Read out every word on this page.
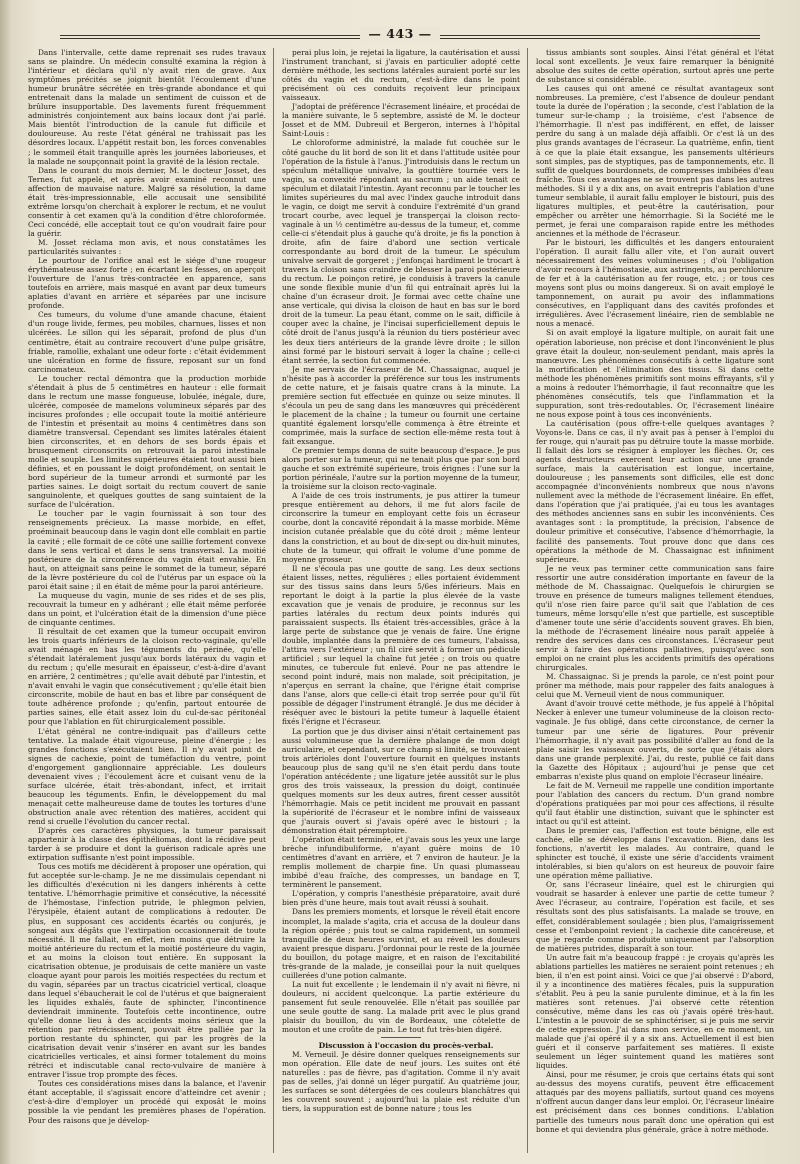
— 443 —

Dans l'intervalle, cette dame reprenait ses rudes travaux sans se plaindre. Un médecin consulté examina la région à l'intérieur et déclara qu'il n'y avait rien de grave. Aux symptômes précités se joignit bientôt l'écoulement d'une humeur brunâtre sécrétée en très-grande abondance et qui entretenait dans la malade un sentiment de cuisson et de brûlure insupportable. Des lavements furent fréquemment administrés conjointement aux bains locaux dont j'ai parlé. Mais bientôt l'introduction de la canule fut difficile et douloureuse. Au reste l'état général ne trahissait pas les désordres locaux. L'appétit restait bon, les forces convenables ; le sommeil était tranquille après les journées laborieuses, et la malade ne soupçonnait point la gravité de la lésion rectale.

Dans le courant du mois dernier, M. le docteur Josset, des Ternes, fut appelé, et après avoir examiné reconnut une affection de mauvaise nature. Malgré sa résolution, la dame était très-impressionnable, elle accusait une sensibilité extrême lorsqu'on cherchait à explorer le rectum, et ne voulut consentir à cet examen qu'à la condition d'être chloroformée. Ceci concédé, elle acceptait tout ce qu'on voudrait faire pour la guérir.

M. Josset réclama mon avis, et nous constatâmes les particularités suivantes :

Le pourtour de l'orifice anal est le siége d'une rougeur érythémateuse assez forte ; en écartant les fesses, on aperçoit l'ouverture de l'anus très-contractée en apparence, sans toutefois en arrière, mais masqué en avant par deux tumeurs aplaties d'avant en arrière et séparées par une incisure profonde.

Ces tumeurs, du volume d'une amande chacune, étaient d'un rouge livide, fermes, peu mobiles, charnues, lisses et non ulcérées. Le sillon qui les séparait, profond de plus d'un centimètre, était au contraire recouvert d'une pulpe grisâtre, friable, ramollie, exhalant une odeur forte : c'était évidemment une ulcération en forme de fissure, reposant sur un fond carcinomateux.

Le toucher rectal démontra que la production morbide s'étendait à plus de 5 centimètres en hauteur : elle formait dans le rectum une masse fongueuse, lobulée, inégale, dure, ulcérée, composée de mamelons volumineux séparés par des incisures profondes ; elle occupait toute la moitié antérieure de l'intestin et présentait au moins 4 centimètres dans son diamètre transversal. Cependant ses limites latérales étaient bien circonscrites, et en dehors de ses bords épais et brusquement circonscrits on retrouvait la paroi intestinale molle et souple. Les limites supérieures étaient tout aussi bien définies, et en poussant le doigt profondément, on sentait le bord supérieur de la tumeur arrondi et surmonté par les parties saines. Le doigt sortait du rectum couvert de sanie sanguinolente, et quelques gouttes de sang suintaient de la surface de l'ulcération.

Le toucher par le vagin fournissait à son tour des renseignements précieux. La masse morbide, en effet, proéminait beaucoup dans le vagin dont elle comblait en partie la cavité ; elle formait de ce côté une saillie fortement convexe dans le sens vertical et dans le sens transversal. La moitié postérieure de la circonférence du vagin était envahie. En haut, on atteignait sans peine le sommet de la tumeur, séparé de la lèvre postérieure du col de l'utérus par un espace où la paroi était saine ; il en était de même pour la paroi antérieure.

La muqueuse du vagin, munie de ses rides et de ses plis, recouvrait la tumeur en y adhérant ; elle était même perforée dans un point, et l'ulcération était de la dimension d'une pièce de cinquante centimes.

Il résultait de cet examen que la tumeur occupait environ les trois quarts inférieurs de la cloison recto-vaginale, qu'elle avait ménagé en bas les téguments du périnée, qu'elle s'étendait latéralement jusqu'aux bords latéraux du vagin et du rectum ; qu'elle mesurait en épaisseur, c'est-à-dire d'avant en arrière, 2 centimètres ; qu'elle avait débuté par l'intestin, et n'avait envahi le vagin que consécutivement ; qu'elle était bien circonscrite, mobile de haut en bas et libre par conséquent de toute adhérence profonde ; qu'enfin, partout entourée de parties saines, elle était assez loin du cul-de-sac péritonéal pour que l'ablation en fût chirurgicalement possible.

L'état général ne contre-indiquait pas d'ailleurs cette tentative. La malade était vigoureuse, pleine d'énergie ; les grandes fonctions s'exécutaient bien. Il n'y avait point de signes de cachexie, point de tuméfaction du ventre, point d'engorgement ganglionnaire appréciable. Les douleurs devenaient vives ; l'écoulement âcre et cuisant venu de la surface ulcérée, était très-abondant, infect, et irritait beaucoup les téguments. Enfin, le développement du mal menaçait cette malheureuse dame de toutes les tortures d'une obstruction anale avec rétention des matières, accident qui rend si cruelle l'évolution du cancer rectal.

D'après ces caractères physiques, la tumeur paraissait appartenir à la classe des épithéliomas, dont la récidive peut tarder à se produire et dont la guérison radicale après une extirpation suffisante n'est point impossible.

Tous ces motifs me décidèrent à proposer une opération, qui fut acceptée sur-le-champ. Je ne me dissimulais cependant ni les difficultés d'exécution ni les dangers inhérents à cette tentative. L'hémorrhagie primitive et consécutive, la nécessité de l'hémostase, l'infection putride, le phlegmon pelvien, l'érysipèle, étaient autant de complications à redouter. De plus, en supposant ces accidents écartés ou conjurés, je songeai aux dégâts que l'extirpation occasionnerait de toute nécessité. Il me fallait, en effet, rien moins que détruire la moitié antérieure du rectum et la moitié postérieure du vagin, et au moins la cloison tout entière. En supposant la cicatrisation obtenue, je produisais de cette manière un vaste cloaque ayant pour parois les moitiés respectées du rectum et du vagin, séparées par un tractus cicatriciel vertical, cloaque dans lequel s'ébaucherait le col de l'utérus et que baigneraient les liquides exhalés, faute de sphincter, l'incontinence deviendrait imminente. Toutefois cette incontinence, outre qu'elle donne lieu à des accidents moins sérieux que la rétention par rétrécissement, pouvait être palliée par la portion restante du sphincter, qui par les progrès de la cicatrisation devait venir s'insérer en avant sur les bandes cicatricielles verticales, et ainsi former totalement du moins rétréci et indiscutable canal recto-vulvaire de manière à entraver l'issue trop prompte des fèces.

Toutes ces considérations mises dans la balance, et l'avenir étant acceptable, il s'agissait encore d'atteindre cet avenir ; c'est-à-dire d'employer un procédé qui exposât le moins possible la vie pendant les premières phases de l'opération. Pour des raisons que je dévelop-

perai plus loin, je rejetai la ligature, la cautérisation et aussi l'instrument tranchant, si j'avais en particulier adopté cette dernière méthode, les sections latérales auraient porté sur les côtés du vagin et du rectum, c'est-à-dire dans le point précisément où ces conduits reçoivent leur principaux vaisseaux.

J'adoptai de préférence l'écrasement linéaire, et procédai de la manière suivante, le 5 septembre, assisté de M. le docteur Josset et de MM. Dubreuil et Bergeron, internes à l'hôpital Saint-Louis :

Le chloroforme administré, la malade fut couchée sur le côté gauche du lit bord de son lit et dans l'attitude usitée pour l'opération de la fistule à l'anus. J'introduisis dans le rectum un spéculum métallique univalve, la gouttière tournée vers le vagin, sa convexité répondant au sacrum ; un aide tenait ce spéculum et dilatait l'intestin. Ayant reconnu par le toucher les limites supérieures du mal avec l'index gauche introduit dans le vagin, ce doigt me servit à conduire l'extrémité d'un grand trocart courbe, avec lequel je transperçai la cloison recto-vaginale à un ½ centimètre au-dessus de la tumeur, et, comme celle-ci s'étendait plus à gauche qu'à droite, je fis la ponction à droite, afin de faire d'abord une section verticale correspondante au bord droit de la tumeur. Le spéculum univalve servait de gorgeret ; j'enfonçai hardiment le trocart à travers la cloison sans craindre de blesser la paroi postérieure du rectum. Le poinçon retiré, je conduisis à travers la canule une sonde flexible munie d'un fil qui entraînait après lui la chaîne d'un écraseur droit. Je formai avec cette chaîne une anse verticale, qui divisa la cloison de haut en bas sur le bord droit de la tumeur. La peau étant, comme on le sait, difficile à couper avec la chaîne, je l'incisai superficiellement depuis le côté droit de l'anus jusqu'à la réunion du tiers postérieur avec les deux tiers antérieurs de la grande lèvre droite ; le sillon ainsi formé par le bistouri servait à loger la chaîne ; celle-ci étant serrée, la section fut commencée.

Je me servais de l'écraseur de M. Chassaignac, auquel je n'hésite pas à accorder la préférence sur tous les instruments de cette nature, et je faisais quatre crans à la minute. La première section fut effectuée en quinze ou seize minutes. Il s'écoula un peu de sang dans les manœuvres qui précédèrent le placement de la chaîne ; la tumeur ou fournit une certaine quantité également lorsqu'elle commença à être étreinte et comprimée, mais la surface de section elle-même resta tout à fait exsangue.

Ce premier temps donna de suite beaucoup d'espace. Je pus alors porter sur la tumeur, qui ne tenait plus que par son bord gauche et son extrémité supérieure, trois érignes : l'une sur la portion périnéale, l'autre sur la portion moyenne de la tumeur, la troisième sur la cloison recto-vaginale.

A l'aide de ces trois instruments, je pus attirer la tumeur presque entièrement au dehors, il me fut alors facile de circonscrire la tumeur en employant cette fois un écraseur courbe, dont la concavité répondait à la masse morbide. Même incision cutanée préalable que du côté droit ; même lenteur dans la constriction, et au bout de dix-sept ou dix-huit minutes, chute de la tumeur, qui offrait le volume d'une pomme de moyenne grosseur.

Il ne s'écoula pas une goutte de sang. Les deux sections étaient lisses, nettes, régulières ; elles portaient évidemment sur des tissus sains dans leurs 5/6es inférieurs. Mais en reportant le doigt à la partie la plus élevée de la vaste excavation que je venais de produire, je reconnus sur les parties latérales du rectum deux points indurés qui paraissaient suspects. Ils étaient très-accessibles, grâce à la large perte de substance que je venais de faire. Une érigne double, implantée dans la première de ces tumeurs, l'abaissa, l'attira vers l'extérieur ; un fil ciré servit à former un pédicule artificiel ; sur lequel la chaîne fut jetée ; on trois ou quatre minutes, ce tubercule fut enlevé. Pour ne pas attendre le second point induré, mais non malade, soit précipitation, je n'aperçus en serrant la chaîne, que l'érigne était comprise dans l'anse, alors que celle-ci était trop serrée pour qu'il fût possible de dégager l'instrument étranglé. Je dus me décider à réséquer avec le bistouri la petite tumeur à laquelle étaient fixés l'érigne et l'écraseur.

La portion que je dus diviser ainsi n'était certainement pas aussi volumineuse que la dernière phalange de mon doigt auriculaire, et cependant, sur ce champ si limité, se trouvaient trois artérioles dont l'ouverture fournit en quelques instants beaucoup plus de sang qu'il ne s'en était perdu dans toute l'opération antécédente ; une ligature jetée aussitôt sur le plus gros des trois vaisseaux, la pression du doigt, continuée quelques moments sur les deux autres, firent cesser aussitôt l'hémorrhagie. Mais ce petit incident me prouvait en passant la supériorité de l'écraseur et le nombre infini de vaisseaux que j'aurais ouvert si j'avais opéré avec le bistouri ; la démonstration était péremptoire.

L'opération était terminée, et j'avais sous les yeux une large brèche infundibuliforme, n'ayant guère moins de 10 centimètres d'avant en arrière, et 7 environ de hauteur. Je la remplis mollement de charpie fine. Un quasi plumasseau imbibé d'eau fraîche, des compresses, un bandage en T, terminèrent le pansement.

L'opération, y compris l'anesthésie préparatoire, avait duré bien près d'une heure, mais tout avait réussi à souhait.

Dans les premiers moments, et lorsque le réveil était encore incomplet, la malade s'agita, cria et accusa de la douleur dans la région opérée ; puis tout se calma rapidement, un sommeil tranquille de deux heures survint, et au réveil les douleurs avaient presque disparu. J'ordonnai pour le reste de la journée du bouillon, du potage maigre, et en raison de l'excitabilité très-grande de la malade, je conseillai pour la nuit quelques cuillerées d'une potion calmante.

La nuit fut excellente ; le lendemain il n'y avait ni fièvre, ni douleurs, ni accident quelconque. La partie extérieure du pansement fut seule renouvelée. Elle n'était pas souillée par une seule goutte de sang. La malade prit avec le plus grand plaisir du bouillon, du vin de Bordeaux, une côtelette de mouton et une croûte de pain. Le tout fut très-bien digéré.

Discussion à l'occasion du procès-verbal.

M. Verneuil. Je désire donner quelques renseignements sur mon opération. Elle date de neuf jours. Les suites ont été naturelles : pas de fièvre, pas d'agitation. Comme il n'y avait pas de selles, j'ai donné un léger purgatif. Au quatrième jour, les surfaces se sont détergées de ces couleurs blanchâtres qui les couvrent souvent ; aujourd'hui la plaie est réduite d'un tiers, la suppuration est de bonne nature ; tous les

tissus ambiants sont souples. Ainsi l'état général et l'état local sont excellents. Je veux faire remarquer la bénignité absolue des suites de cette opération, surtout après une perte de substance si considérable.

Les causes qui ont amené ce résultat avantageux sont nombreuses. La première, c'est l'absence de douleur pendant toute la durée de l'opération ; la seconde, c'est l'ablation de la tumeur sur-le-champ ; la troisième, c'est l'absence de l'hémorrhagie. Il n'est pas indifférent, en effet, de laisser perdre du sang à un malade déjà affaibli. Or c'est là un des plus grands avantages de l'écraseur. La quatrième, enfin, tient à ce que la plaie était exsangue, les pansements ultérieurs sont simples, pas de styptiques, pas de tamponnements, etc. Il suffit de quelques bourdonnets, de compresses imbibées d'eau fraîche. Tous ces avantages ne se trouvent pas dans les autres méthodes. Si il y a dix ans, on avait entrepris l'ablation d'une tumeur semblable, il aurait fallu employer le bistouri, puis des ligatures multiples, et peut-être la cautérisation, pour empêcher ou arrêter une hémorrhagie. Si la Société me le permet, je ferai une comparaison rapide entre les méthodes anciennes et la méthode de l'écraseur.

Par le bistouri, les difficultés et les dangers entouraient l'opération. Il aurait fallu aller vite, et l'on aurait ouvert nécessairement des veines volumineuses ; d'où l'obligation d'avoir recours à l'hémostasie, aux astringents, au perchlorure de fer et à la cautérisation au fer rouge, etc. ; or tous ces moyens sont plus ou moins dangereux. Si on avait employé le tamponnement, on aurait pu avoir des inflammations consécutives, en l'appliquant dans des cavités profondes et irrégulières. Avec l'écrasement linéaire, rien de semblable ne nous a menacé.

Si on avait employé la ligature multiple, on aurait fait une opération laborieuse, non précise et dont l'inconvénient le plus grave était la douleur, non-seulement pendant, mais après la manœuvre. Les phénomènes consécutifs à cette ligature sont la mortification et l'élimination des tissus. Si dans cette méthode les phénomènes primitifs sont moins effrayants, s'il y a moins à redouter l'hémorrhagie, il faut reconnaître que les phénomènes consécutifs, tels que l'inflammation et la suppuration, sont très-redoutables. Or, l'écrasement linéaire ne nous expose point à tous ces inconvénients.

La cautérisation (pous offre-t-elle quelques avantages ? Voyons-le. Dans ce cas, il n'y avait pas à penser à l'emploi du fer rouge, qui n'aurait pas pu détruire toute la masse morbide. Il fallait dès lors se résigner à employer les flèches. Or, ces agents destructeurs exercent leur action sur une grande surface, mais la cautérisation est longue, incertaine, douloureuse ; les pansements sont difficiles, elle est donc accompagnée d'inconvénients nombreux que nous n'avons nullement avec la méthode de l'écrasement linéaire. En effet, dans l'opération que j'ai pratiquée, j'ai eu tous les avantages des méthodes anciennes sans en subir les inconvénients. Ces avantages sont : la promptitude, la précision, l'absence de douleur primitive et consécutive, l'absence d'hémorrhagie, la facilité des pansements. Tout prouve donc que dans ces opérations la méthode de M. Chassaignac est infiniment supérieure.

Je ne veux pas terminer cette communication sans faire ressortir une autre considération importante en faveur de la méthode de M. Chassaignac. Quelquefois le chirurgien se trouve en présence de tumeurs malignes tellement étendues, qu'il n'ose rien faire parce qu'il sait que l'ablation de ces tumeurs, même lorsqu'elle n'est que partielle, est susceptible d'amener toute une série d'accidents souvent graves. Eh bien, la méthode de l'écrasement linéaire nous paraît appelée à rendre des services dans ces circonstances. L'écraseur peut servir à faire des opérations palliatives, puisqu'avec son emploi on ne craint plus les accidents primitifs des opérations chirurgicales.

M. Chassaignac. Si je prends la parole, ce n'est point pour prôner ma méthode, mais pour rappeler des faits analogues à celui que M. Verneuil vient de nous communiquer.

Avant d'avoir trouvé cette méthode, je fus appelé à l'hôpital Necker à enlever une tumeur volumineuse de la cloison recto-vaginale. Je fus obligé, dans cette circonstance, de cerner la tumeur par une série de ligatures. Pour prévenir l'hémorrhagie, il n'y avait pas possibilité d'aller au fond de la plaie saisir les vaisseaux ouverts, de sorte que j'étais alors dans une grande perplexité. J'ai, du reste, publié ce fait dans la Gazette des Hôpitaux ; aujourd'hui je pense que cet embarras n'existe plus quand on emploie l'écraseur linéaire.

Le fait de M. Verneuil me rappelle une condition importante pour l'ablation des cancers du rectum. D'un grand nombre d'opérations pratiquées par moi pour ces affections, il résulte qu'il faut établir une distinction, suivant que le sphincter est intact ou qu'il est atteint.

Dans le premier cas, l'affection est toute bénigne, elle est cachée, elle se développe dans l'excavation. Bien, dans les fonctions, n'avertit les malades. Au contraire, quand le sphincter est touché, il existe une série d'accidents vraiment intolérables, si bien qu'alors on est heureux de pouvoir faire une opération même palliative.

Or, sans l'écraseur linéaire, quel est le chirurgien qui voudrait se hasarder à enlever une partie de cette tumeur ? Avec l'écraseur, au contraire, l'opération est facile, et ses résultats sont des plus satisfaisants. La malade se trouve, en effet, considérablement soulagée ; bien plus, l'amaigrissement cesse et l'embonpoint revient ; la cachexie dite cancéreuse, et que je regarde comme produite uniquement par l'absorption de matières putrides, disparaît à son tour.

Un autre fait m'a beaucoup frappé : je croyais qu'après les ablations partielles les matières ne seraient point retenues ; eh bien, il n'en est point ainsi. Voici ce que j'ai observé : D'abord, il y a incontinence des matières fécales, puis la suppuration s'établit. Peu à peu la sanie purulente diminue, et à la fin les matières sont retenues. J'ai observé cette rétention consécutive, même dans les cas où j'avais opéré très-haut. L'intestin a le pouvoir de se sphinctériser, si je puis me servir de cette expression. J'ai dans mon service, en ce moment, un malade que j'ai opéré il y a six ans. Actuellement il est bien guéri et il conserve parfaitement ses matières. Il existe seulement un léger suintement quand les matières sont liquides.

Ainsi, pour me résumer, je crois que certains états qui sont au-dessus des moyens curatifs, peuvent être efficacement attaqués par des moyens palliatifs, surtout quand ces moyens n'offrent aucun danger dans leur emploi. Or, l'écraseur linéaire est précisément dans ces bonnes conditions. L'ablation partielle des tumeurs nous paraît donc une opération qui est bonne et qui deviendra plus générale, grâce à notre méthode.
